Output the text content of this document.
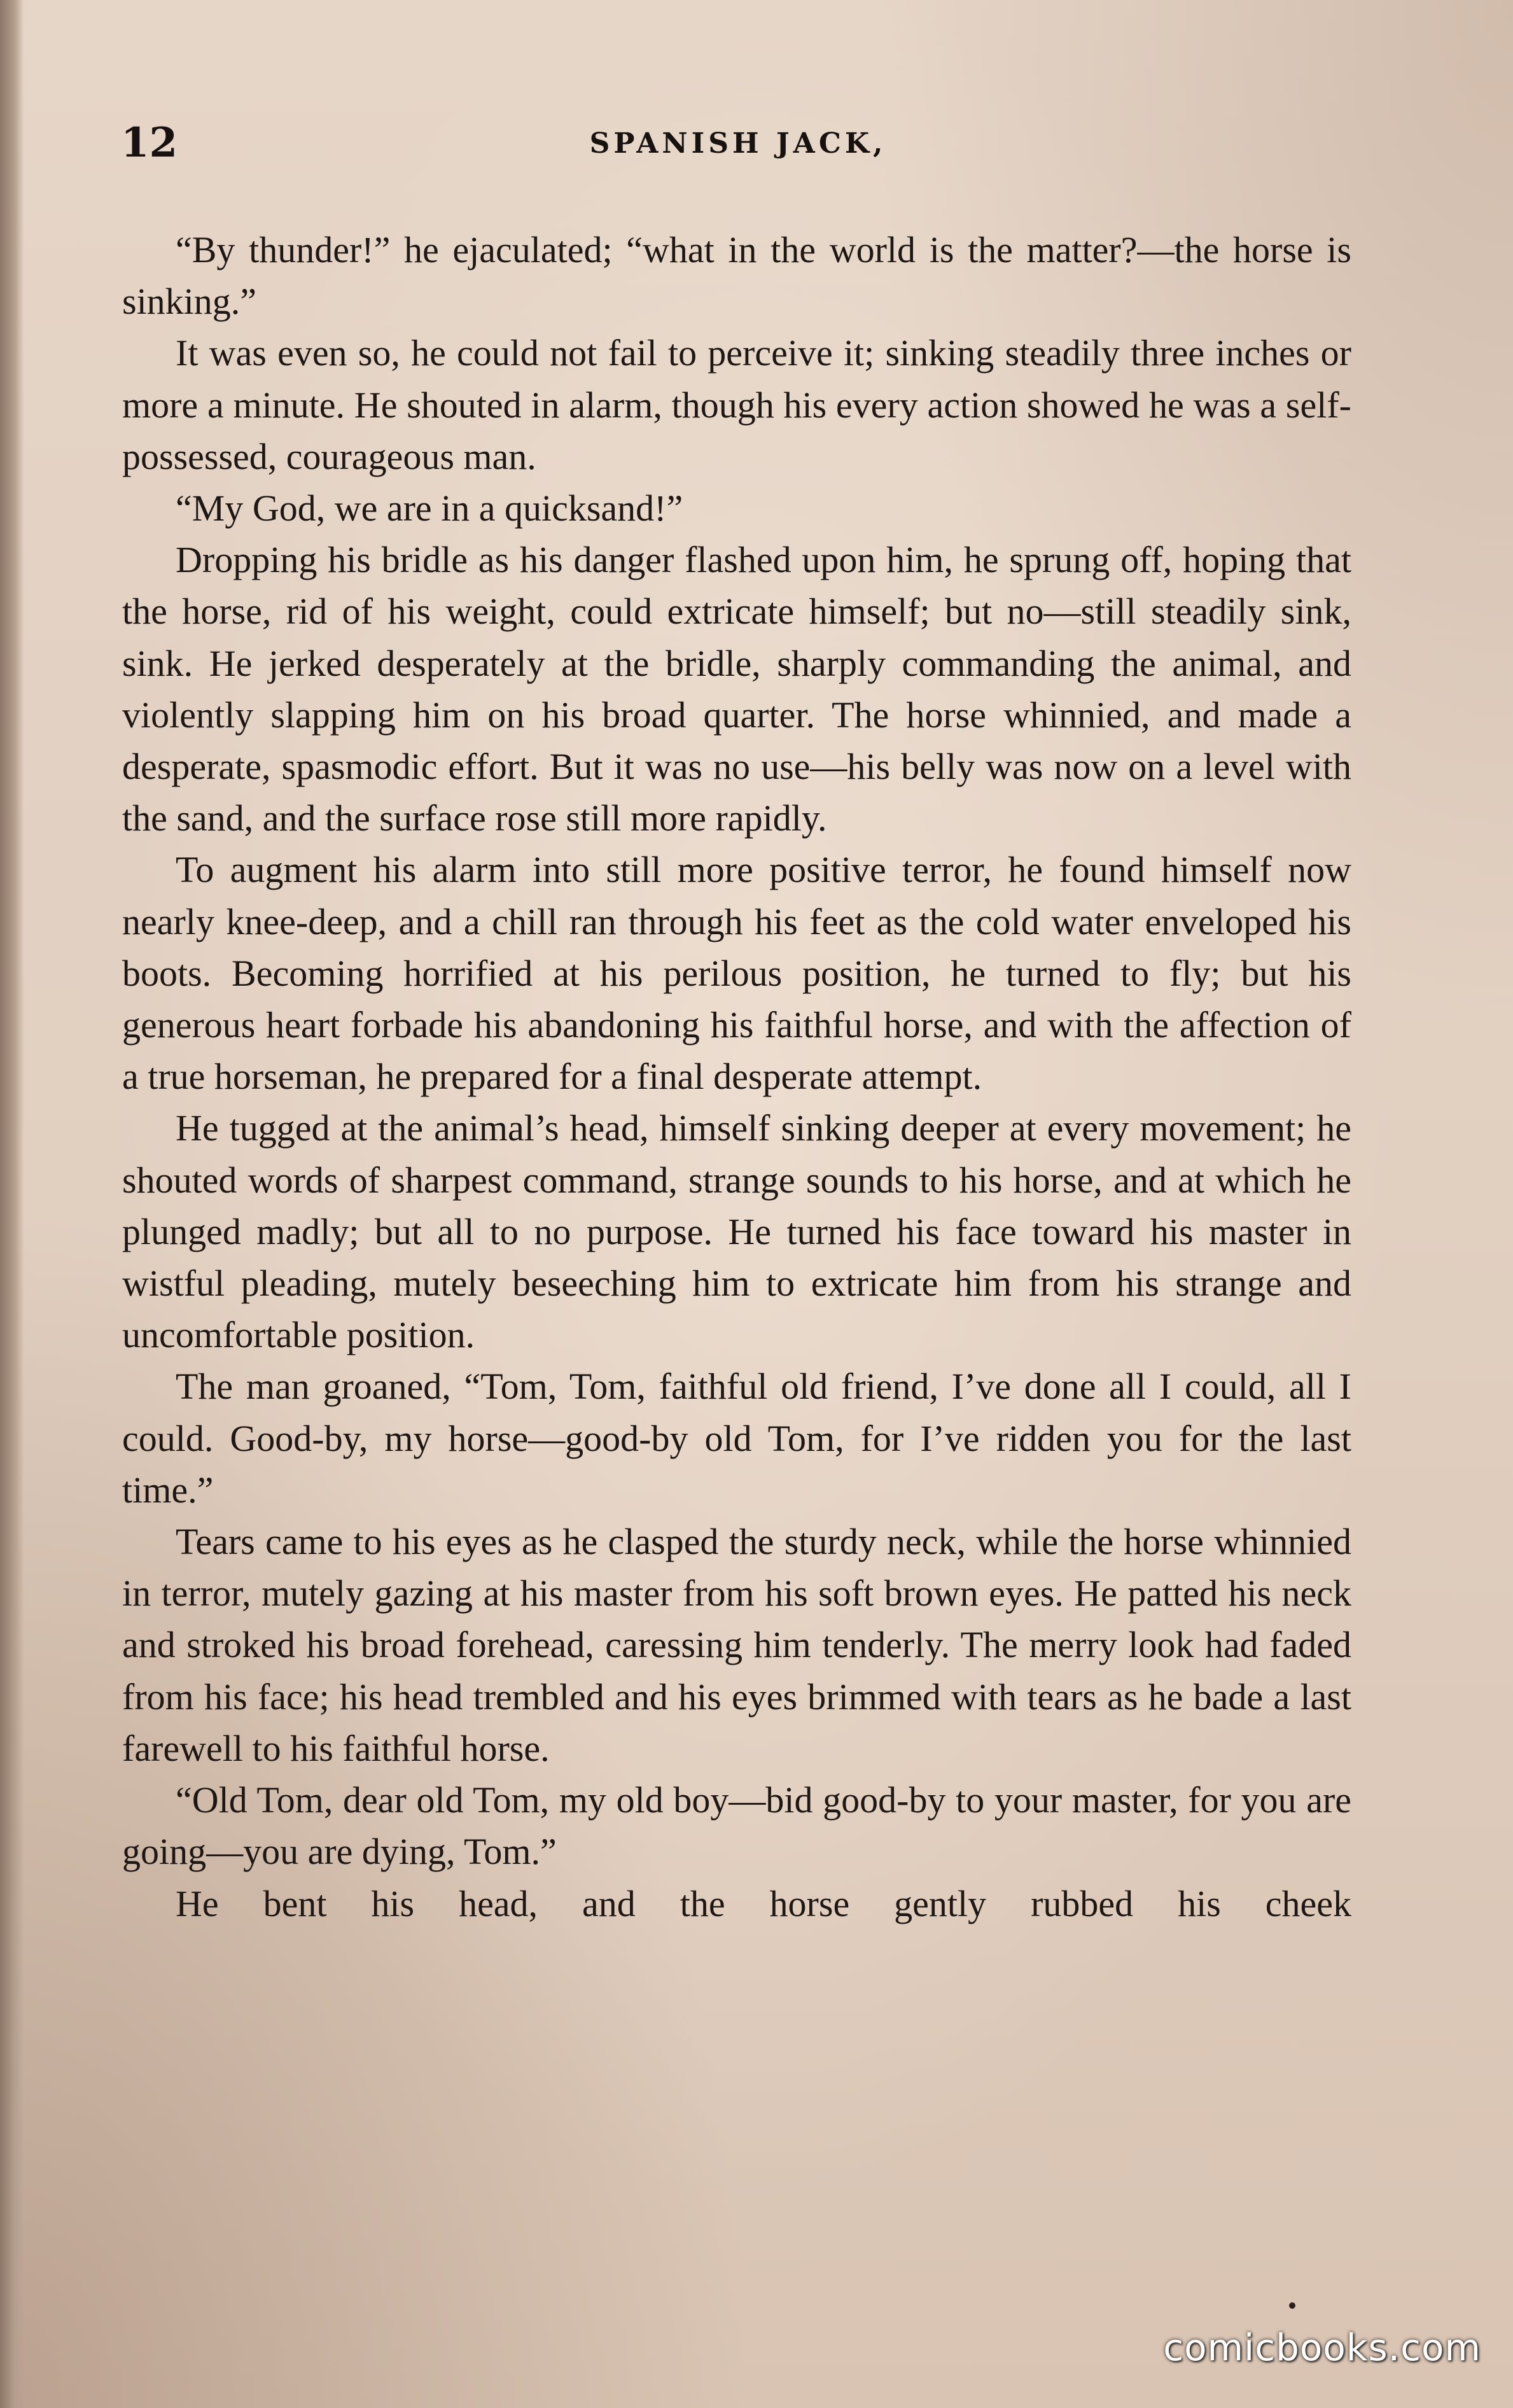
12	SPANISH JACK,

“By thunder!” he ejaculated; “what in the world is the matter?—the horse is sinking.”

It was even so, he could not fail to perceive it; sinking steadily three inches or more a minute. He shouted in alarm, though his every action showed he was a self-possessed, courageous man.

“My God, we are in a quicksand!”

Dropping his bridle as his danger flashed upon him, he sprung off, hoping that the horse, rid of his weight, could extricate himself; but no—still steadily sink, sink. He jerked desperately at the bridle, sharply commanding the animal, and violently slapping him on his broad quarter. The horse whinnied, and made a desperate, spasmodic effort. But it was no use—his belly was now on a level with the sand, and the surface rose still more rapidly.

To augment his alarm into still more positive terror, he found himself now nearly knee-deep, and a chill ran through his feet as the cold water enveloped his boots. Becoming horrified at his perilous position, he turned to fly; but his generous heart forbade his abandoning his faithful horse, and with the affection of a true horseman, he prepared for a final desperate attempt.

He tugged at the animal’s head, himself sinking deeper at every movement; he shouted words of sharpest command, strange sounds to his horse, and at which he plunged madly; but all to no purpose. He turned his face toward his master in wistful pleading, mutely beseeching him to extricate him from his strange and uncomfortable position.

The man groaned, “Tom, Tom, faithful old friend, I’ve done all I could, all I could. Good-by, my horse—good-by old Tom, for I’ve ridden you for the last time.”

Tears came to his eyes as he clasped the sturdy neck, while the horse whinnied in terror, mutely gazing at his master from his soft brown eyes. He patted his neck and stroked his broad forehead, caressing him tenderly. The merry look had faded from his face; his head trembled and his eyes brimmed with tears as he bade a last farewell to his faithful horse.

“Old Tom, dear old Tom, my old boy—bid good-by to your master, for you are going—you are dying, Tom.”

He bent his head, and the horse gently rubbed his cheek

comicbooks.com
